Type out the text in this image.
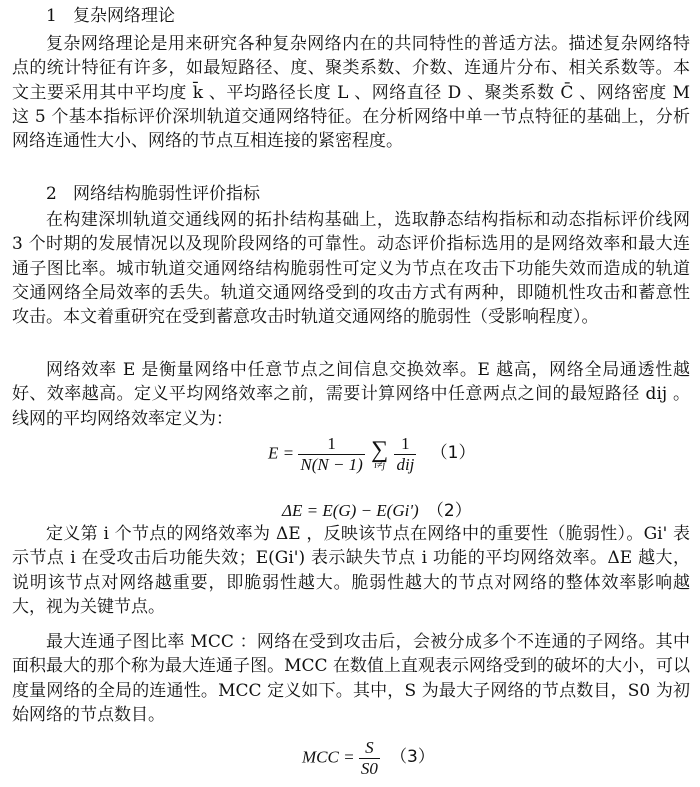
1 复杂网络理论
复杂网络理论是用来研究各种复杂网络内在的共同特性的普适方法。描述复杂网络特点的统计特征有许多，如最短路径、度、聚类系数、介数、连通片分布、相关系数等。本文主要采用其中平均度 k̄ 、平均路径长度 L 、网络直径 D 、聚类系数 C̄ 、网络密度 M 这 5 个基本指标评价深圳轨道交通网络特征。在分析网络中单一节点特征的基础上，分析网络连通性大小、网络的节点互相连接的紧密程度。
2 网络结构脆弱性评价指标
在构建深圳轨道交通线网的拓扑结构基础上，选取静态结构指标和动态指标评价线网 3 个时期的发展情况以及现阶段网络的可靠性。动态评价指标选用的是网络效率和最大连通子图比率。城市轨道交通网络结构脆弱性可定义为节点在攻击下功能失效而造成的轨道交通网络全局效率的丢失。轨道交通网络受到的攻击方式有两种，即随机性攻击和蓄意性攻击。本文着重研究在受到蓄意攻击时轨道交通网络的脆弱性（受影响程度）。
网络效率 E 是衡量网络中任意节点之间信息交换效率。E 越高，网络全局通透性越好、效率越高。定义平均网络效率之前，需要计算网络中任意两点之间的最短路径 dij 。线网的平均网络效率定义为：
$E = \frac{1}{N(N - 1)}$
∑
i≠j
$\frac{1}{\text{dij}} (1)$
ΔE = E(G) − E(Gi') （2）
定义第 i 个节点的网络效率为 ΔE ，反映该节点在网络中的重要性（脆弱性）。Gi' 表示节点 i 在受攻击后功能失效；E(Gi') 表示缺失节点 i 功能的平均网络效率。ΔE 越大，说明该节点对网络越重要，即脆弱性越大。脆弱性越大的节点对网络的整体效率影响越大，视为关键节点。
最大连通子图比率 MCC ：网络在受到攻击后，会被分成多个不连通的子网络。其中面积最大的那个称为最大连通子图。MCC 在数值上直观表示网络受到的破坏的大小，可以度量网络的全局的连通性。MCC 定义如下。其中，S 为最大子网络的节点数目，S0 为初始网络的节点数目。
MCC = $\frac{S}{S0} (3)$
